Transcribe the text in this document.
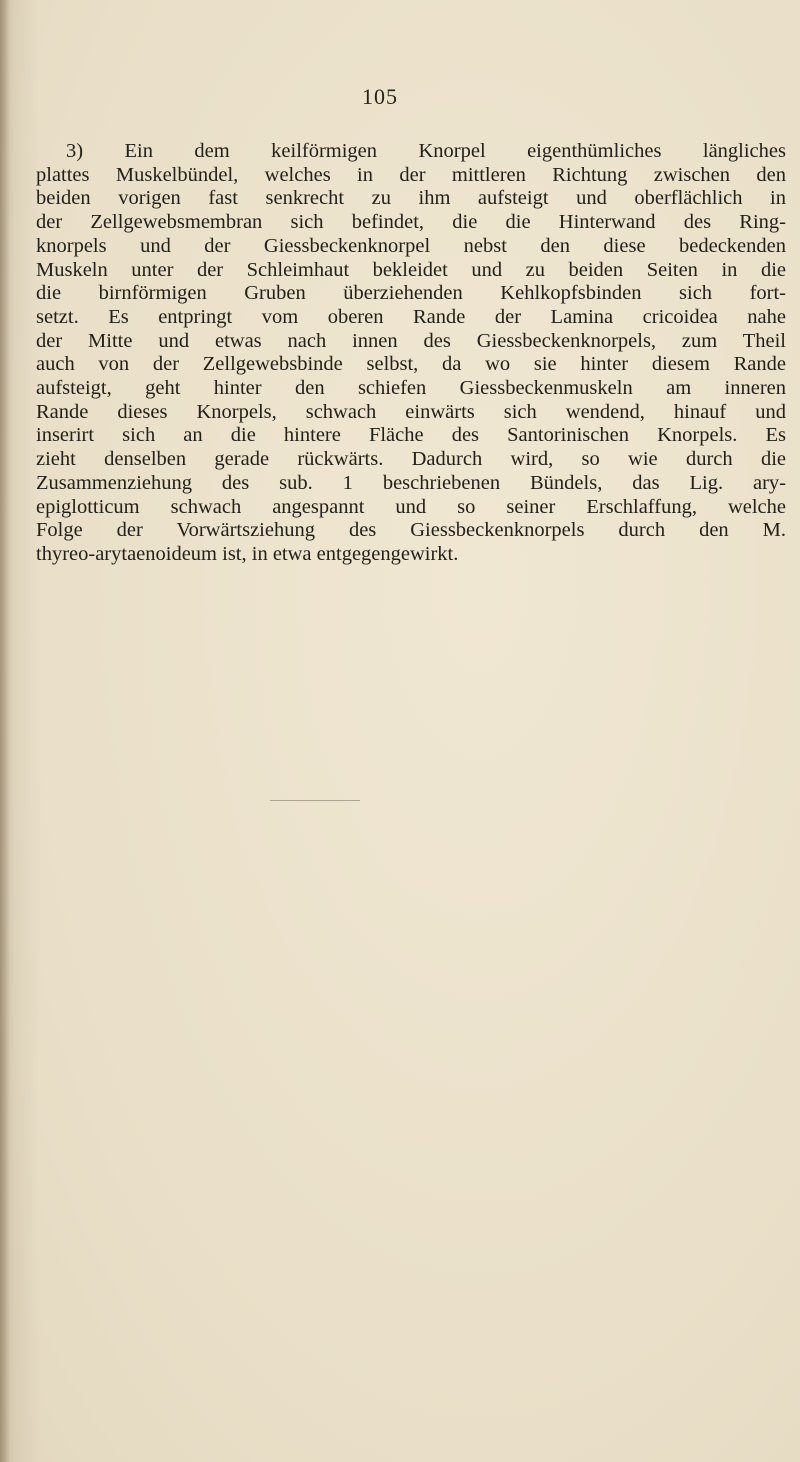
105
3) Ein dem keilförmigen Knorpel eigenthümliches längliches
plattes Muskelbündel, welches in der mittleren Richtung zwischen den
beiden vorigen fast senkrecht zu ihm aufsteigt und oberflächlich in
der Zellgewebsmembran sich befindet, die die Hinterwand des Ring-
knorpels und der Giessbeckenknorpel nebst den diese bedeckenden
Muskeln unter der Schleimhaut bekleidet und zu beiden Seiten in die
die birnförmigen Gruben überziehenden Kehlkopfsbinden sich fort-
setzt. Es entpringt vom oberen Rande der Lamina cricoidea nahe
der Mitte und etwas nach innen des Giessbeckenknorpels, zum Theil
auch von der Zellgewebsbinde selbst, da wo sie hinter diesem Rande
aufsteigt, geht hinter den schiefen Giessbeckenmuskeln am inneren
Rande dieses Knorpels, schwach einwärts sich wendend, hinauf und
inserirt sich an die hintere Fläche des Santorinischen Knorpels. Es
zieht denselben gerade rückwärts. Dadurch wird, so wie durch die
Zusammenziehung des sub. 1 beschriebenen Bündels, das Lig. ary-
epiglotticum schwach angespannt und so seiner Erschlaffung, welche
Folge der Vorwärtsziehung des Giessbeckenknorpels durch den M.
thyreo-arytaenoideum ist, in etwa entgegengewirkt.
